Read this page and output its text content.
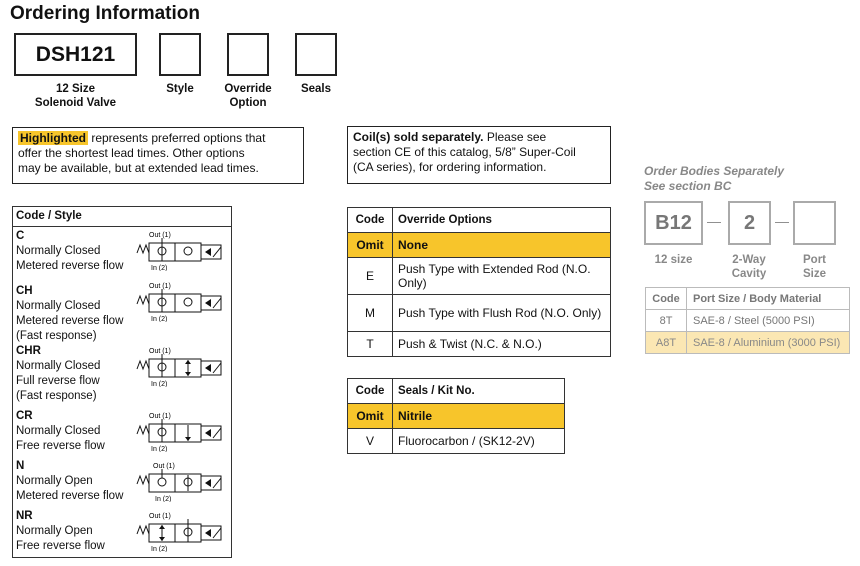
Ordering Information
DSH121
12 Size
Solenoid Valve
Style	Override
Option
Seals
Highlighted represents preferred options that
offer the shortest lead times. Other options
may be available, but at extended lead times.
Coil(s) sold separately. Please see
section CE of this catalog, 5/8” Super-Coil
(CA series), for ordering information.
Code / Style
C
Normally Closed
Metered reverse flow
CH
Normally Closed
Metered reverse flow
(Fast response)
CHR
Normally Closed
Full reverse flow
(Fast response)
CR
Normally Closed
Free reverse flow
N
Normally Open
Metered reverse flow
NR
Normally Open
Free reverse flow
Out (1)
In (2)
Out (1)
In (2)
Out (1)
In (2)
Out (1)
In (2)
Out (1)
In (2)
Out (1)
In (2)
Code	Override Options
Omit	None
E	Push Type with Extended Rod (N.O. Only)
M	Push Type with Flush Rod (N.O. Only)
T	Push & Twist (N.C. & N.O.)
Code	Seals / Kit No.
Omit	Nitrile
V	Fluorocarbon / (SK12-2V)
Order Bodies Separately
See section BC
B12 — 2 —
12 size	2-Way
Cavity
Port
Size
Code	Port Size / Body Material
8T	SAE-8 / Steel (5000 PSI)
A8T	SAE-8 / Aluminium (3000 PSI)
